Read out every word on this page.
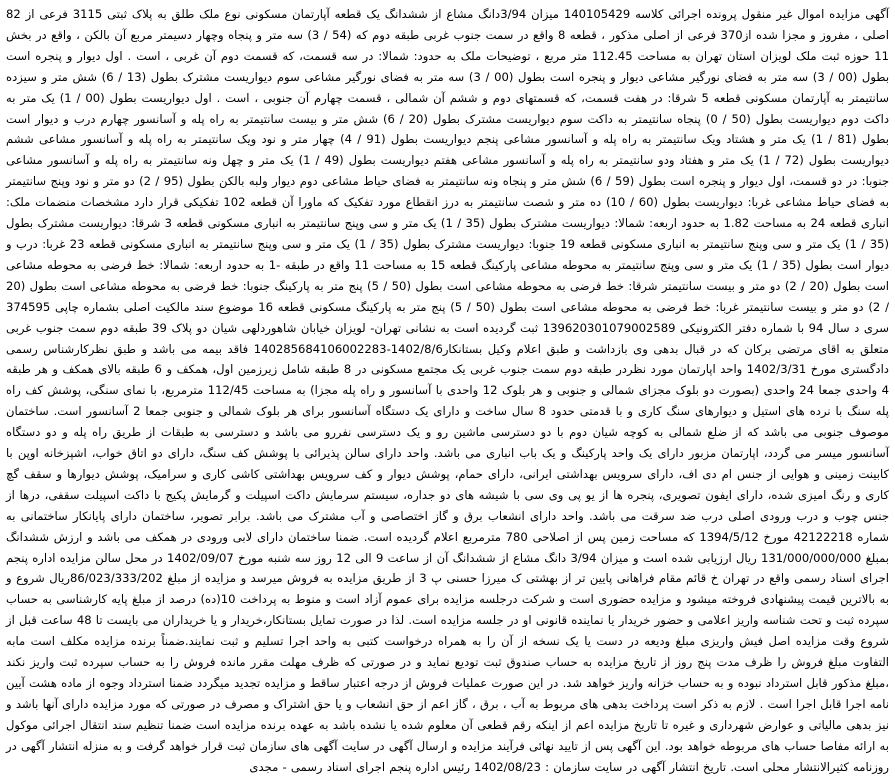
آگهی مزایده اموال غیر منقول پرونده اجرائی کلاسه 140105429 میزان 3/94دانگ مشاع از ششدانگ یک قطعه آپارتمان مسکونی نوع ملک طلق به پلاک ثبتی 3115 فرعی از 82 اصلی ، مفروز و مجزا شده از370 فرعی از اصلی مذکور ، قطعه 8 واقع در سمت جنوب غربی طبقه دوم که (54 / 3) سه متر و پنجاه وچهار دسیمتر مربع آن بالکن ، واقع در بخش 11 حوزه ثبت ملک لویزان استان تهران به مساحت 112.45 متر مربع ، توضیحات ملک به حدود: شمالا: در سه قسمت، که قسمت دوم آن غربی ، است . اول دیوار و پنجره است بطول (00 / 3) سه متر به فضای نورگیر مشاعی دیوار و پنجره است بطول (00 / 3) سه متر به فضای نورگیر مشاعی سوم دیواریست مشترک بطول (13 / 6) شش متر و سیزده سانتیمتر به آپارتمان مسکونی قطعه 5 شرقا: در هفت قسمت، که قسمتهای دوم و ششم آن شمالی ، قسمت چهارم آن جنوبی ، است . اول دیواریست بطول (00 / 1) یک متر به داکت دوم دیواریست بطول (50 / 0) پنجاه سانتیمتر به داکت سوم دیواریست مشترک بطول (20 / 6) شش متر و بیست سانتیمتر به راه پله و آسانسور چهارم درب و دیوار است بطول (81 / 1) یک متر و هشتاد ویک سانتیمتر به راه پله و آسانسور مشاعی پنجم دیواریست بطول (91 / 4) چهار متر و نود ویک سانتیمتر به راه پله و آسانسور مشاعی ششم دیواریست بطول (72 / 1) یک متر و هفتاد ودو سانتیمتر به راه پله و آسانسور مشاعی هفتم دیواریست بطول (49 / 1) یک متر و چهل ونه سانتیمتر به راه پله و آسانسور مشاعی جنوبا: در دو قسمت، اول دیوار و پنجره است بطول (59 / 6) شش متر و پنجاه ونه سانتیمتر به فضای حیاط مشاعی دوم دیوار ولبه بالکن بطول (95 / 2) دو متر و نود وپنج سانتیمتر به فضای حیاط مشاعی غربا: دیواریست بطول (60 / 10) ده متر و شصت سانتیمتر به درز انقطاع مورد تفکیک که ماورا آن قطعه 102 تفکیکی قرار دارد مشخصات منضمات ملک: انباری قطعه 24 به مساحت 1.82 به حدود اربعه: شمالا: دیواریست مشترک بطول (35 / 1) یک متر و سی وپنج سانتیمتر به انباری مسکونی قطعه 3 شرقا: دیواریست مشترک بطول (35 / 1) یک متر و سی وپنج سانتیمتر به انباری مسکونی قطعه 19 جنوبا: دیواریست مشترک بطول (35 / 1) یک متر و سی وپنج سانتیمتر به انباری مسکونی قطعه 23 غربا: درب و دیوار است بطول (35 / 1) یک متر و سی وپنج سانتیمتر به محوطه مشاعی پارکینگ قطعه 15 به مساحت 11 واقع در طبقه -1 به حدود اربعه: شمالا: خط فرضی به محوطه مشاعی است بطول (20 / 2) دو متر و بیست سانتیمتر شرقا: خط فرضی به محوطه مشاعی است بطول (50 / 5) پنج متر به پارکینگ جنوبا: خط فرضی به محوطه مشاعی است بطول (20 / 2) دو متر و بیست سانتیمتر غربا: خط فرضی به محوطه مشاعی است بطول (50 / 5) پنج متر به پارکینگ مسکونی قطعه 16 موضوع سند مالکیت اصلی بشماره چاپی 374595 سری د سال 94 با شماره دفتر الکترونیکی 139620301079002589 ثبت گردیده است به نشانی تهران- لویزان خیابان شاهوردلهی شیان دو پلاک 39 طبقه دوم سمت جنوب غربی متعلق به اقای مرتضی برکان که در قبال بدهی وی بازداشت و طبق اعلام وکیل بستانکار1402/8/6-140285684106002283 فاقد بیمه می باشد و طبق نظرکارشناس رسمی دادگستری مورخ 1402/3/31 واحد اپارتمان مورد نظردر طبقه دوم سمت جنوب غربی یک مجتمع مسکونی در 8 طبقه شامل زیرزمین اول، همکف و 6 طبقه بالای همکف و هر طبقه 4 واحدی جمعا 24 واحدی (بصورت دو بلوک مجزای شمالی و جنوبی و هر بلوک 12 واحدی با آسانسور و راه پله مجزا) به مساحت 112/45 مترمربع، با نمای سنگی، پوشش کف راه پله سنگ با نرده های استیل و دیوارهای سنگ کاری و با قدمتی حدود 8 سال ساخت و دارای یک دستگاه آسانسور برای هر بلوک شمالی و جنوبی جمعا 2 آسانسور است. ساختمان موصوف جنوبی می باشد که از ضلع شمالی به کوچه شیان دوم با دو دسترسی ماشین رو و یک دسترسی نفررو می باشد و دسترسی به طبقات از طریق راه پله و دو دستگاه آسانسور میسر می گردد، اپارتمان مزبور دارای یک واحد پارکینگ و یک باب انباری می باشد. واحد دارای سالن پذیرائی با پوشش کف سنگ، دارای دو اتاق خواب، اشپزخانه اوپن با کابینت زمینی و هوایی از جنس ام دی اف، دارای سرویس بهداشتی ایرانی، دارای حمام، پوشش دیوار و کف سرویس بهداشتی کاشی کاری و سرامیک، پوشش دیوارها و سقف گچ کاری و رنگ امیزی شده، دارای ایفون تصویری، پنجره ها از یو پی وی سی با شیشه های دو جداره، سیستم سرمایش داکت اسپیلت و گرمایش پکیج با داکت اسپیلت سقفی، درها از جنس چوب و درب ورودی اصلی درب ضد سرقت می باشد. واحد دارای انشعاب برق و گاز اختصاصی و آب مشترک می باشد. برابر تصویر، ساختمان دارای پایانکار ساختمانی به شماره 42122218 مورخ 1394/5/12 که مساحت زمین پس از اصلاحی 780 مترمربع اعلام گردیده است. ضمنا ساختمان دارای لابی ورودی در همکف می باشد و ارزش ششدانگ بمبلغ 131/000/000/000 ریال ارزیابی شده است و میزان 3/94 دانگ مشاع از ششدانگ آن از ساعت 9 الی 12 روز سه شنبه مورخ 1402/09/07 در محل سالن مزایده اداره پنجم اجرای اسناد رسمی واقع در تهران خ قائم مقام فراهانی پایین تر از بهشتی ک میرزا حسنی پ 3 از طریق مزایده به فروش میرسد و مزایده از مبلغ 86/023/333/202ریال شروع و به بالاترین قیمت پیشنهادی فروخته میشود و مزایده حضوری است و شرکت درجلسه مزایده برای عموم آزاد است و منوط به پرداخت 10(ده) درصد از مبلغ پایه کارشناسی به حساب سپرده ثبت و تحت شناسه واریز اعلامی و حضور خریدار یا نماینده قانونی او در جلسه مزایده است. لذا در صورت تمایل بستانکار،خریدار و یا خریداران می بایست تا 48 ساعت قبل از شروع وقت مزایده اصل فیش واریزی مبلغ ودیعه در دست یا یک نسخه از آن را به همراه درخواست کتبی به واحد اجرا تسلیم و ثبت نمایند.ضمناً برنده مزایده مکلف است مابه التفاوت مبلغ فروش را ظرف مدت پنج روز از تاریخ مزایده به حساب صندوق ثبت تودیع نماید و در صورتی که ظرف مهلت مقرر مانده فروش را به حساب سپرده ثبت واریز نکند ،مبلغ مذکور قابل استرداد نبوده و به حساب خزانه واریز خواهد شد. در این صورت عملیات فروش از درجه اعتبار ساقط و مزایده تجدید میگردد ضمنا استرداد وجوه از ماده هشت آیین نامه اجرا قابل اجرا است . لازم به ذکر است پرداخت بدهی های مربوط به آب ، برق ، گاز اعم از حق انشعاب و یا حق اشتراک و مصرف در صورتی که مورد مزایده دارای آنها باشد و نیز بدهی مالیاتی و عوارض شهرداری و غیره تا تاریخ مزایده اعم از اینکه رقم قطعی آن معلوم شده یا نشده باشد به عهده برنده مزایده است ضمنا تنظیم سند انتقال اجرائی موکول به ارائه مفاصا حساب های مربوطه خواهد بود. این آگهی پس از تایید نهائی فرآیند مزایده و ارسال آگهی در سایت آگهی های سازمان ثبت قرار خواهد گرفت و به منزله انتشار آگهی در روزنامه کثیرالانتشار محلی است. تاریخ انتشار آگهی در سایت سازمان : 1402/08/23 رئیس اداره پنجم اجرای اسناد رسمی - مجدی
